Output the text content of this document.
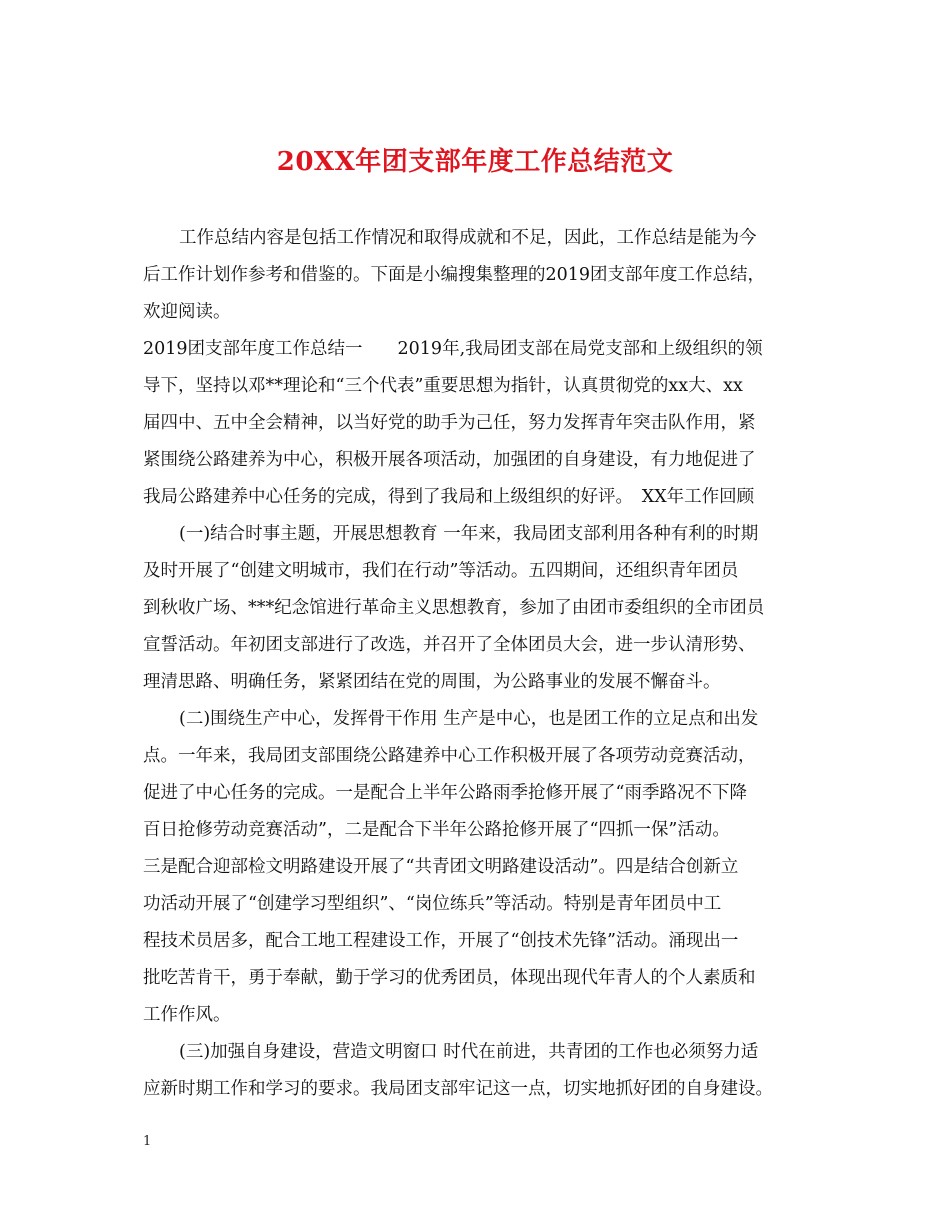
20XX年团支部年度工作总结范文
工作总结内容是包括工作情况和取得成就和不足，因此，工作总结是能为今
后工作计划作参考和借鉴的。下面是小编搜集整理的2019团支部年度工作总结，
欢迎阅读。
2019团支部年度工作总结一　　2019年,我局团支部在局党支部和上级组织的领
导下，坚持以邓**理论和“三个代表”重要思想为指针，认真贯彻党的xx大、xx
届四中、五中全会精神，以当好党的助手为己任，努力发挥青年突击队作用，紧
紧围绕公路建养为中心，积极开展各项活动，加强团的自身建设，有力地促进了
我局公路建养中心任务的完成，得到了我局和上级组织的好评。　XX年工作回顾
(一)结合时事主题，开展思想教育 一年来，我局团支部利用各种有利的时期
及时开展了“创建文明城市，我们在行动”等活动。五四期间，还组织青年团员
到秋收广场、***纪念馆进行革命主义思想教育，参加了由团市委组织的全市团员
宣誓活动。年初团支部进行了改选，并召开了全体团员大会，进一步认清形势、
理清思路、明确任务，紧紧团结在党的周围，为公路事业的发展不懈奋斗。
(二)围绕生产中心，发挥骨干作用 生产是中心，也是团工作的立足点和出发
点。一年来，我局团支部围绕公路建养中心工作积极开展了各项劳动竞赛活动，
促进了中心任务的完成。一是配合上半年公路雨季抢修开展了“雨季路况不下降
百日抢修劳动竞赛活动”，二是配合下半年公路抢修开展了“四抓一保”活动。
三是配合迎部检文明路建设开展了“共青团文明路建设活动”。四是结合创新立
功活动开展了“创建学习型组织”、“岗位练兵”等活动。特别是青年团员中工
程技术员居多，配合工地工程建设工作，开展了“创技术先锋”活动。涌现出一
批吃苦肯干，勇于奉献，勤于学习的优秀团员，体现出现代年青人的个人素质和
工作作风。
(三)加强自身建设，营造文明窗口 时代在前进，共青团的工作也必须努力适
应新时期工作和学习的要求。我局团支部牢记这一点，切实地抓好团的自身建设。
1
